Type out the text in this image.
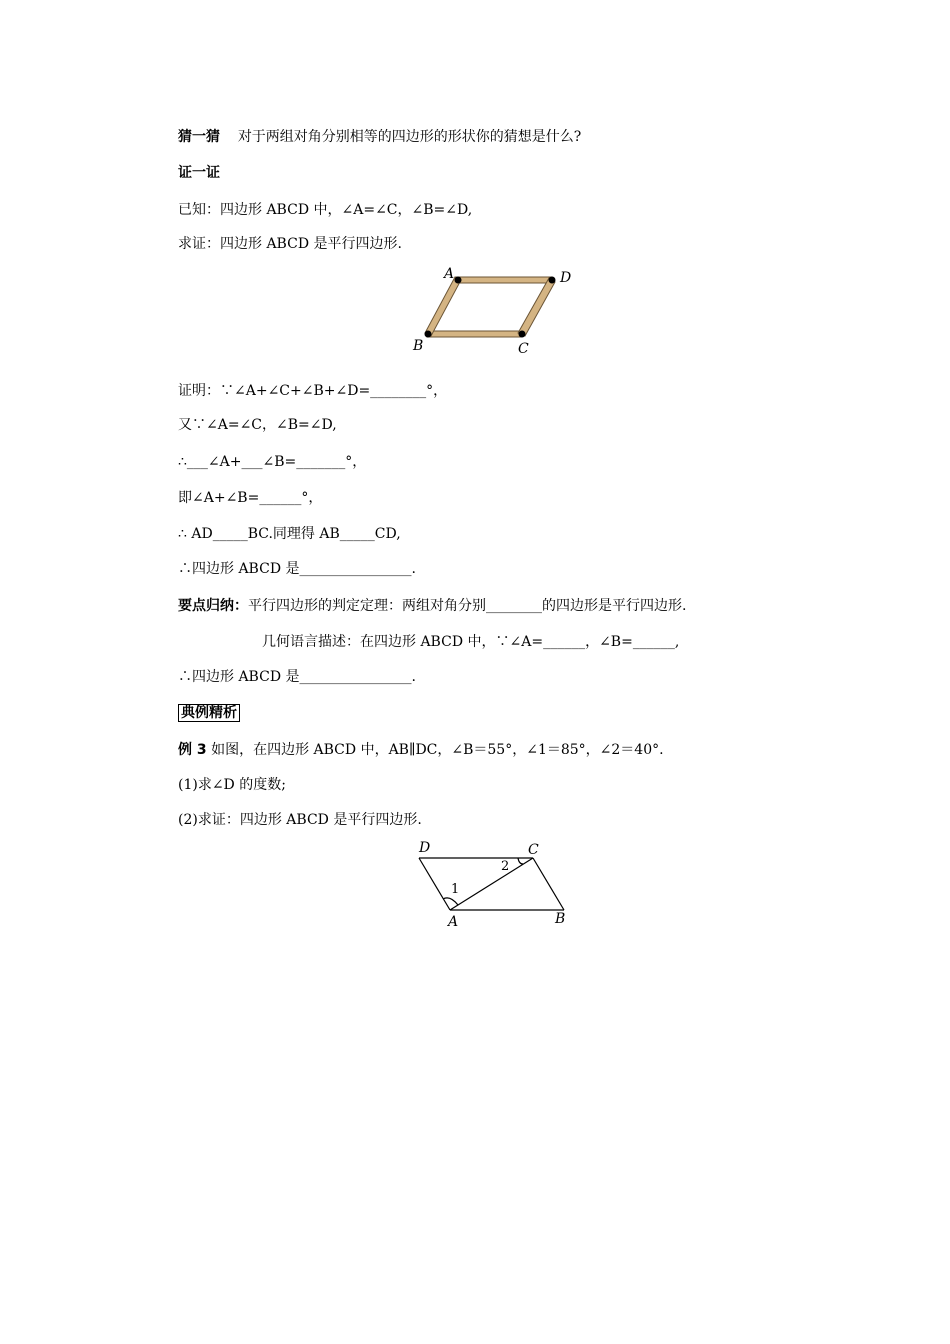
猜一猜 对于两组对角分别相等的四边形的形状你的猜想是什么?
证一证
已知：四边形 ABCD 中，∠A=∠C，∠B=∠D,
求证：四边形 ABCD 是平行四边形.
A	D
B	C
证明：∵∠A+∠C+∠B+∠D=________°，
又∵∠A=∠C，∠B=∠D,
∴___∠A+___∠B=_______°，
即∠A+∠B=______°，
∴ AD_____BC.同理得 AB_____CD,
∴四边形 ABCD 是________________.
要点归纳：平行四边形的判定定理：两组对角分别________的四边形是平行四边形.
几何语言描述：在四边形 ABCD 中，∵∠A=______，∠B=______,
∴四边形 ABCD 是________________.
典例精析
例 3 如图，在四边形 ABCD 中，AB∥DC，∠B＝55°，∠1＝85°，∠2＝40°.
(1)求∠D 的度数;
(2)求证：四边形 ABCD 是平行四边形.
D	C
A	B
1
2
